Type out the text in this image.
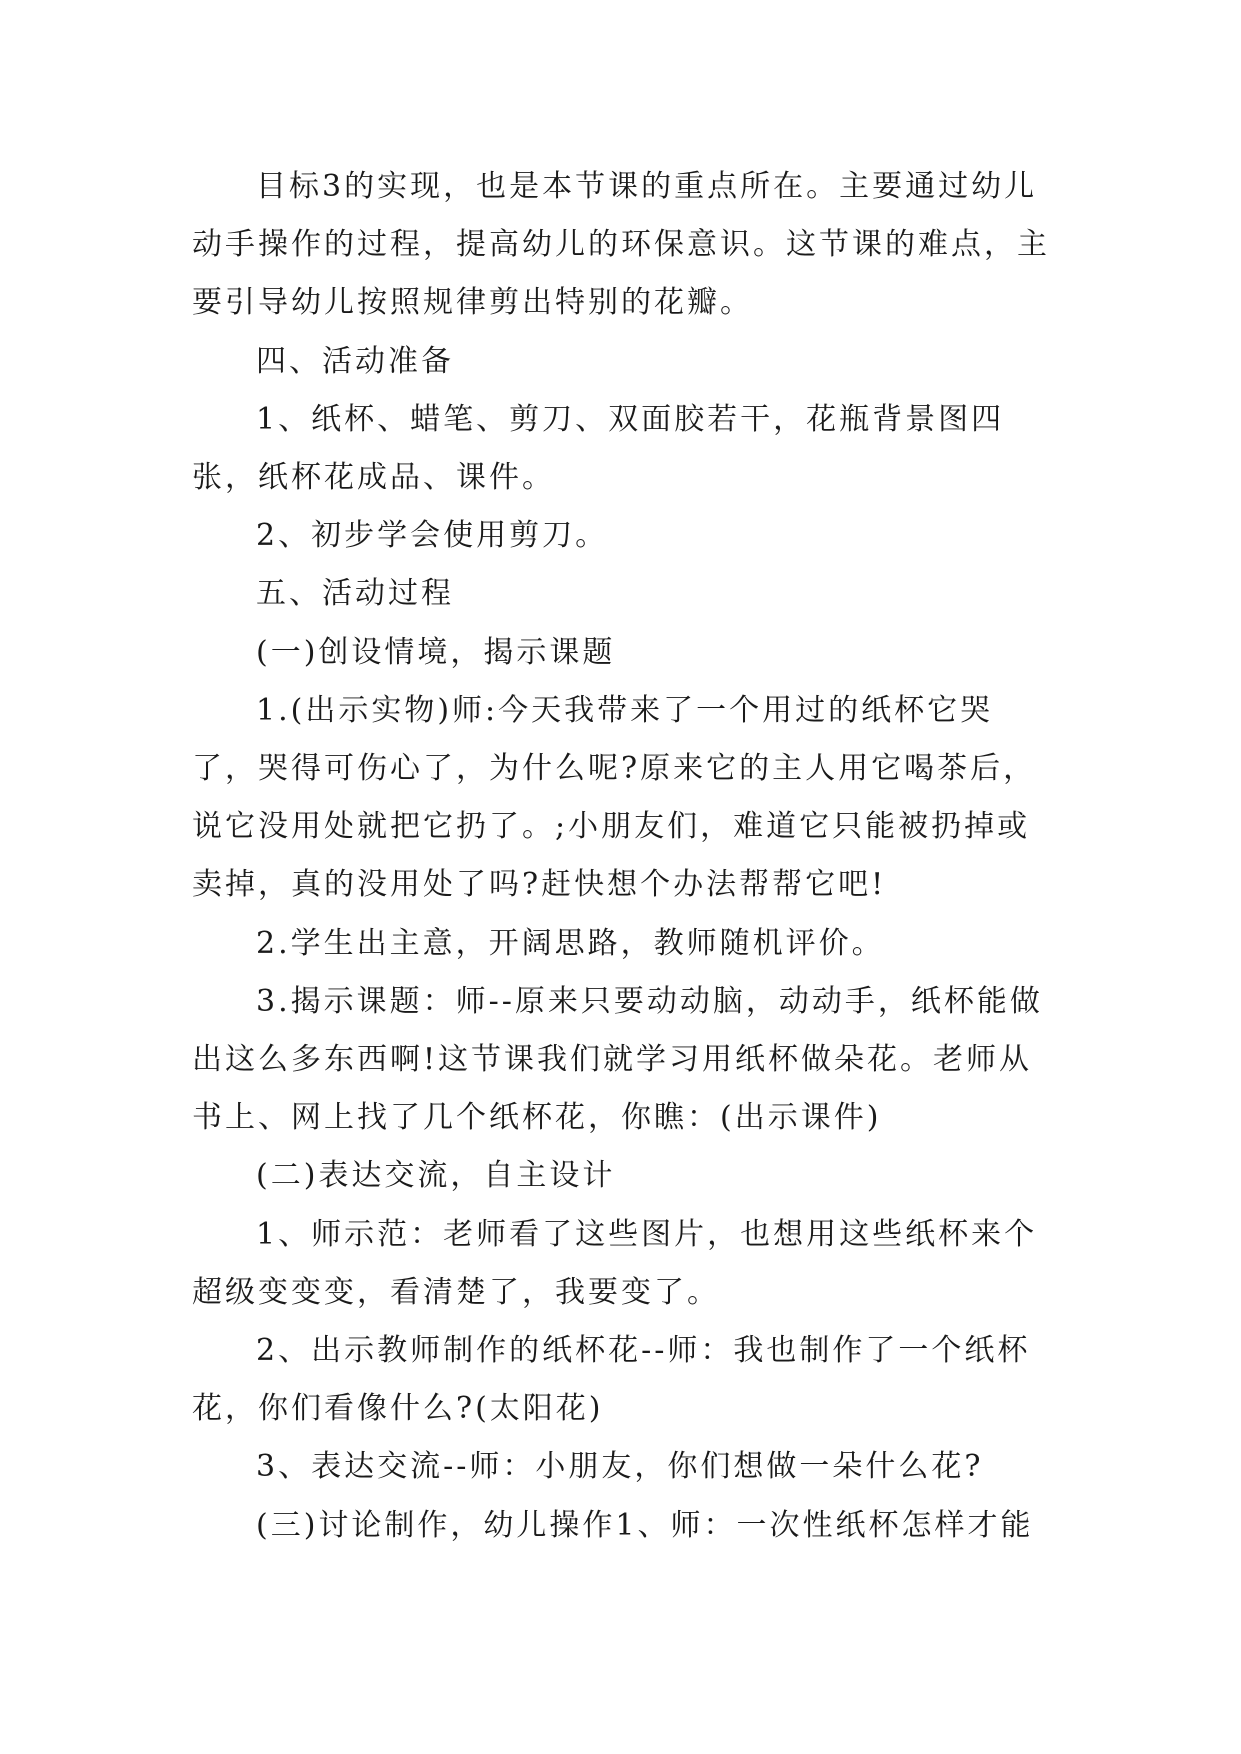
目标3的实现，也是本节课的重点所在。主要通过幼儿动手操作的过程，提高幼儿的环保意识。这节课的难点，主要引导幼儿按照规律剪出特别的花瓣。

四、活动准备

1、纸杯、蜡笔、剪刀、双面胶若干，花瓶背景图四张，纸杯花成品、课件。

2、初步学会使用剪刀。

五、活动过程

(一)创设情境，揭示课题

1.(出示实物)师:今天我带来了一个用过的纸杯它哭了，哭得可伤心了，为什么呢?原来它的主人用它喝茶后，说它没用处就把它扔了。;小朋友们，难道它只能被扔掉或卖掉，真的没用处了吗?赶快想个办法帮帮它吧!

2.学生出主意，开阔思路，教师随机评价。

3.揭示课题：师--原来只要动动脑，动动手，纸杯能做出这么多东西啊!这节课我们就学习用纸杯做朵花。老师从书上、网上找了几个纸杯花，你瞧：(出示课件)

(二)表达交流，自主设计

1、师示范：老师看了这些图片，也想用这些纸杯来个超级变变变，看清楚了，我要变了。

2、出示教师制作的纸杯花--师：我也制作了一个纸杯花，你们看像什么?(太阳花)

3、表达交流--师：小朋友，你们想做一朵什么花?

(三)讨论制作，幼儿操作1、师：一次性纸杯怎样才能
